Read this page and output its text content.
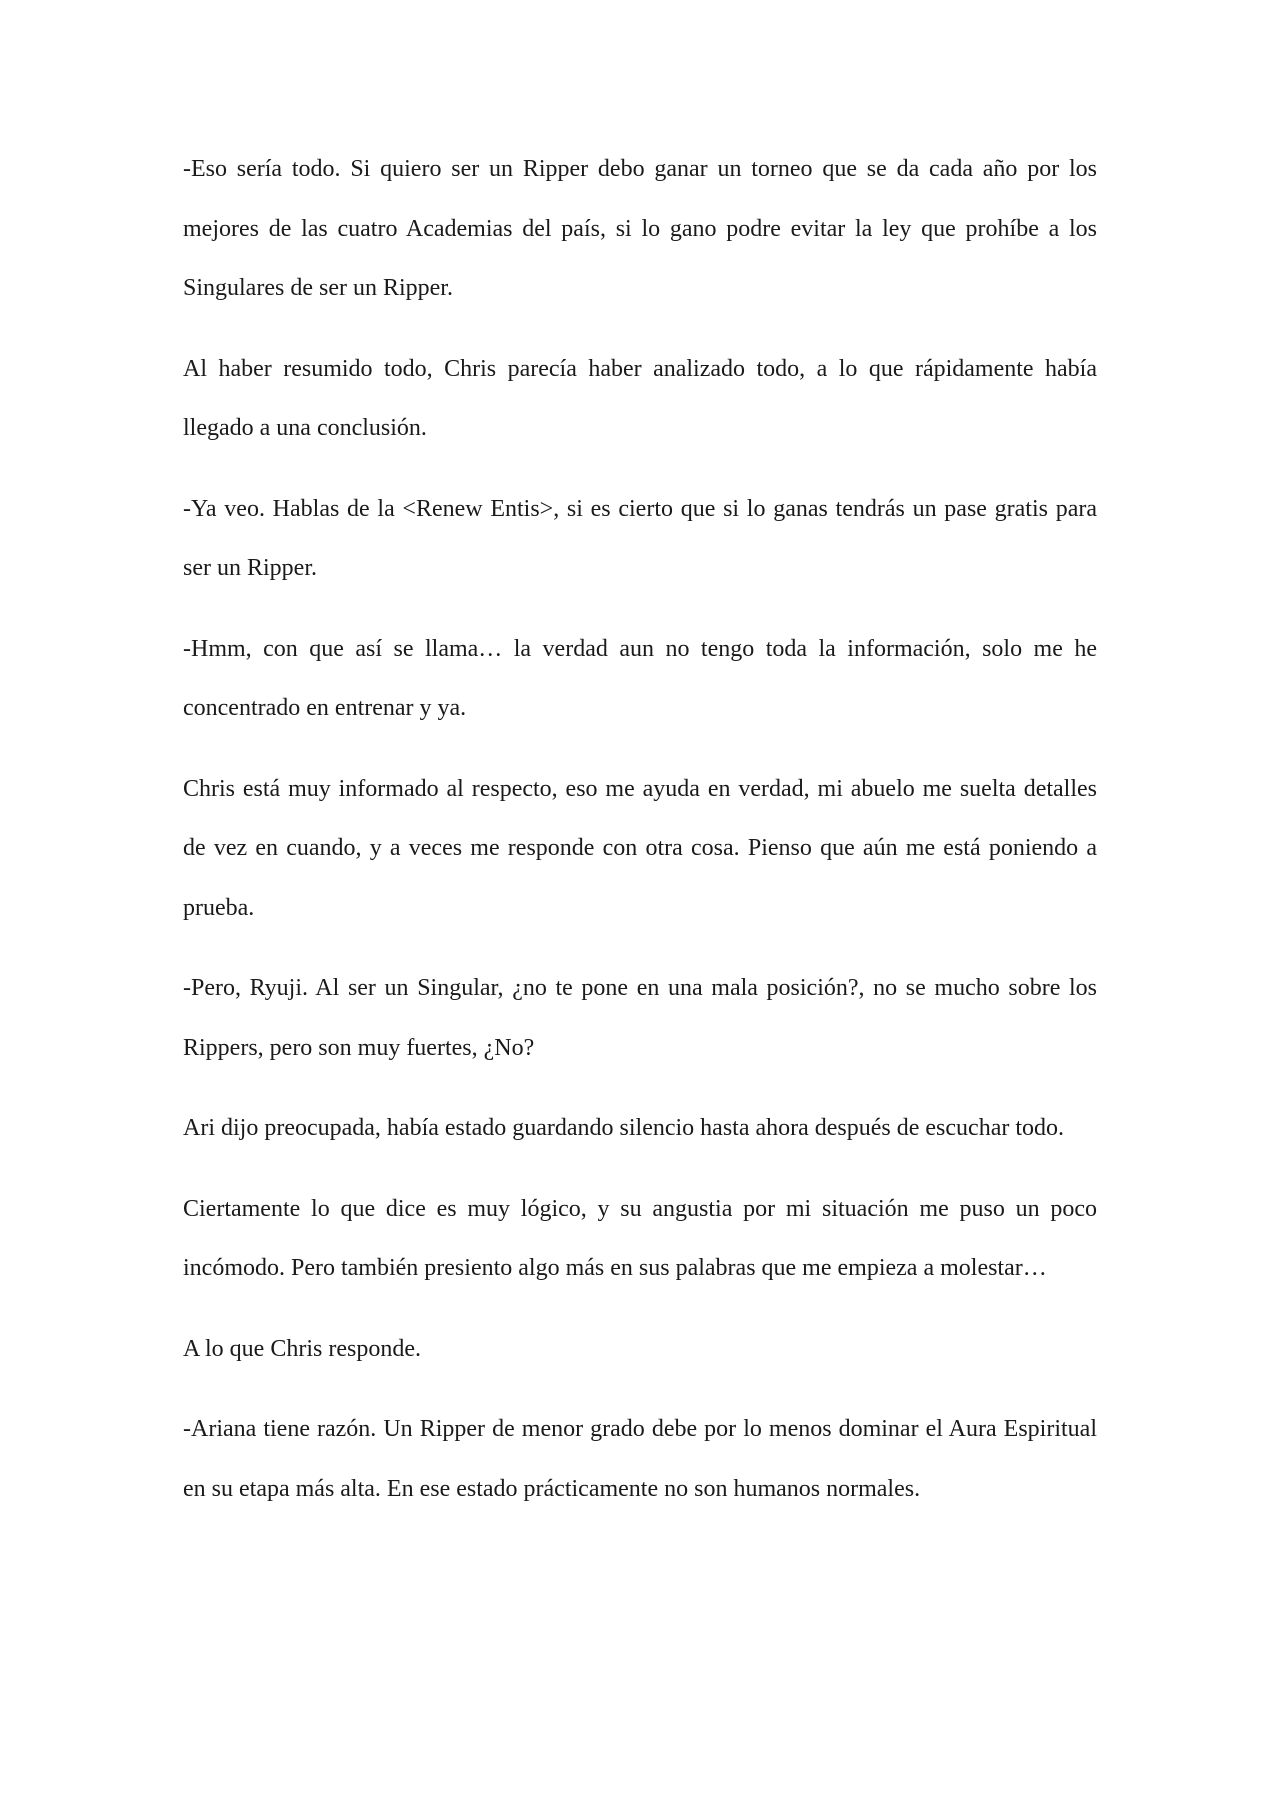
-Eso sería todo. Si quiero ser un Ripper debo ganar un torneo que se da cada año por los mejores de las cuatro Academias del país, si lo gano podre evitar la ley que prohíbe a los Singulares de ser un Ripper.

Al haber resumido todo, Chris parecía haber analizado todo, a lo que rápidamente había llegado a una conclusión.

-Ya veo. Hablas de la <Renew Entis>, si es cierto que si lo ganas tendrás un pase gratis para ser un Ripper.

-Hmm, con que así se llama… la verdad aun no tengo toda la información, solo me he concentrado en entrenar y ya.

Chris está muy informado al respecto, eso me ayuda en verdad, mi abuelo me suelta detalles de vez en cuando, y a veces me responde con otra cosa. Pienso que aún me está poniendo a prueba.

-Pero, Ryuji. Al ser un Singular, ¿no te pone en una mala posición?, no se mucho sobre los Rippers, pero son muy fuertes, ¿No?

Ari dijo preocupada, había estado guardando silencio hasta ahora después de escuchar todo.

Ciertamente lo que dice es muy lógico, y su angustia por mi situación me puso un poco incómodo. Pero también presiento algo más en sus palabras que me empieza a molestar…

A lo que Chris responde.

-Ariana tiene razón. Un Ripper de menor grado debe por lo menos dominar el Aura Espiritual en su etapa más alta. En ese estado prácticamente no son humanos normales.
